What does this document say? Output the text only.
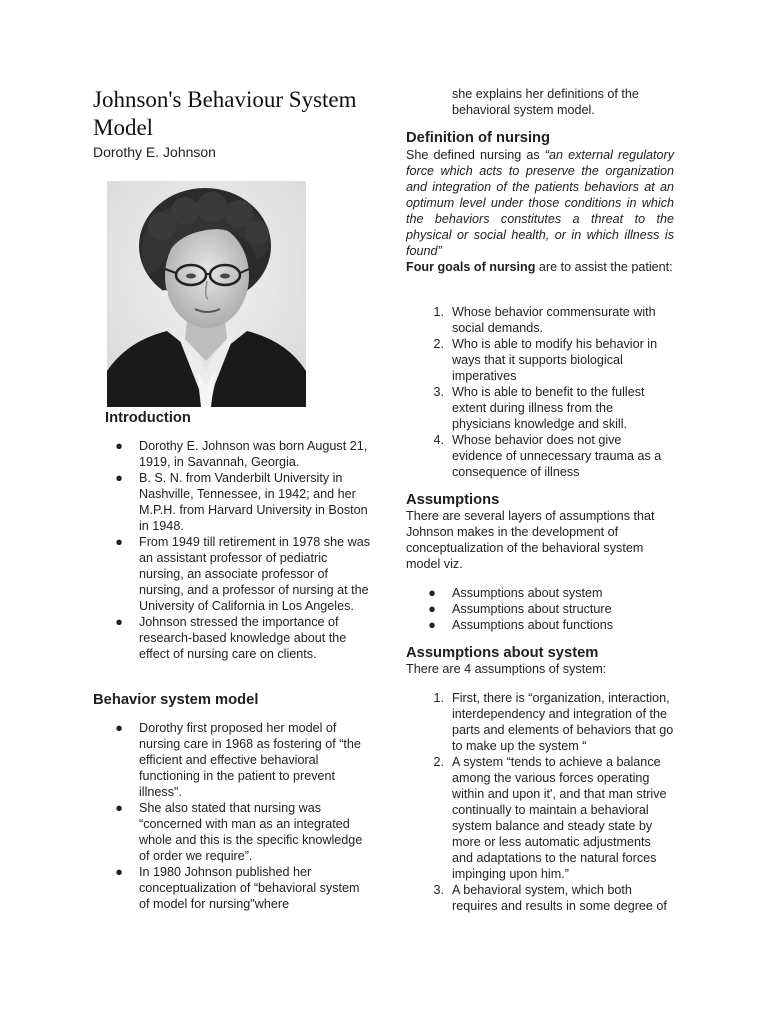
Johnson's Behaviour System Model

Dorothy E. Johnson

Introduction
● Dorothy E. Johnson was born August 21, 1919, in Savannah, Georgia.
● B. S. N. from Vanderbilt University in Nashville, Tennessee, in 1942; and her M.P.H. from Harvard University in Boston in 1948.
● From 1949 till retirement in 1978 she was an assistant professor of pediatric nursing, an associate professor of nursing, and a professor of nursing at the University of California in Los Angeles.
● Johnson stressed the importance of research-based knowledge about the effect of nursing care on clients.
Behavior system model
● Dorothy first proposed her model of nursing care in 1968 as fostering of “the efficient and effective behavioral functioning in the patient to prevent illness".
● She also stated that nursing was “concerned with man as an integrated whole and this is the specific knowledge of order we require”.
● In 1980 Johnson published her conceptualization of “behavioral system of model for nursing"where

she explains her definitions of the behavioral system model.

Definition of nursing

She defined nursing as “an external regulatory force which acts to preserve the organization and integration of the patients behaviors at an optimum level under those conditions in which the behaviors constitutes a threat to the physical or social health, or in which illness is found”

Four goals of nursing are to assist the patient:

1. Whose behavior commensurate with social demands.
2. Who is able to modify his behavior in ways that it supports biological imperatives
3. Who is able to benefit to the fullest extent during illness from the physicians knowledge and skill.
4. Whose behavior does not give evidence of unnecessary trauma as a consequence of illness
Assumptions

There are several layers of assumptions that Johnson makes in the development of conceptualization of the behavioral system model viz.

● Assumptions about system
● Assumptions about structure
● Assumptions about functions
Assumptions about system

There are 4 assumptions of system:

1. First, there is “organization, interaction, interdependency and integration of the parts and elements of behaviors that go to make up the system “
2. A system “tends to achieve a balance among the various forces operating within and upon it', and that man strive continually to maintain a behavioral system balance and steady state by more or less automatic adjustments and adaptations to the natural forces impinging upon him.”
3. A behavioral system, which both requires and results in some degree of
